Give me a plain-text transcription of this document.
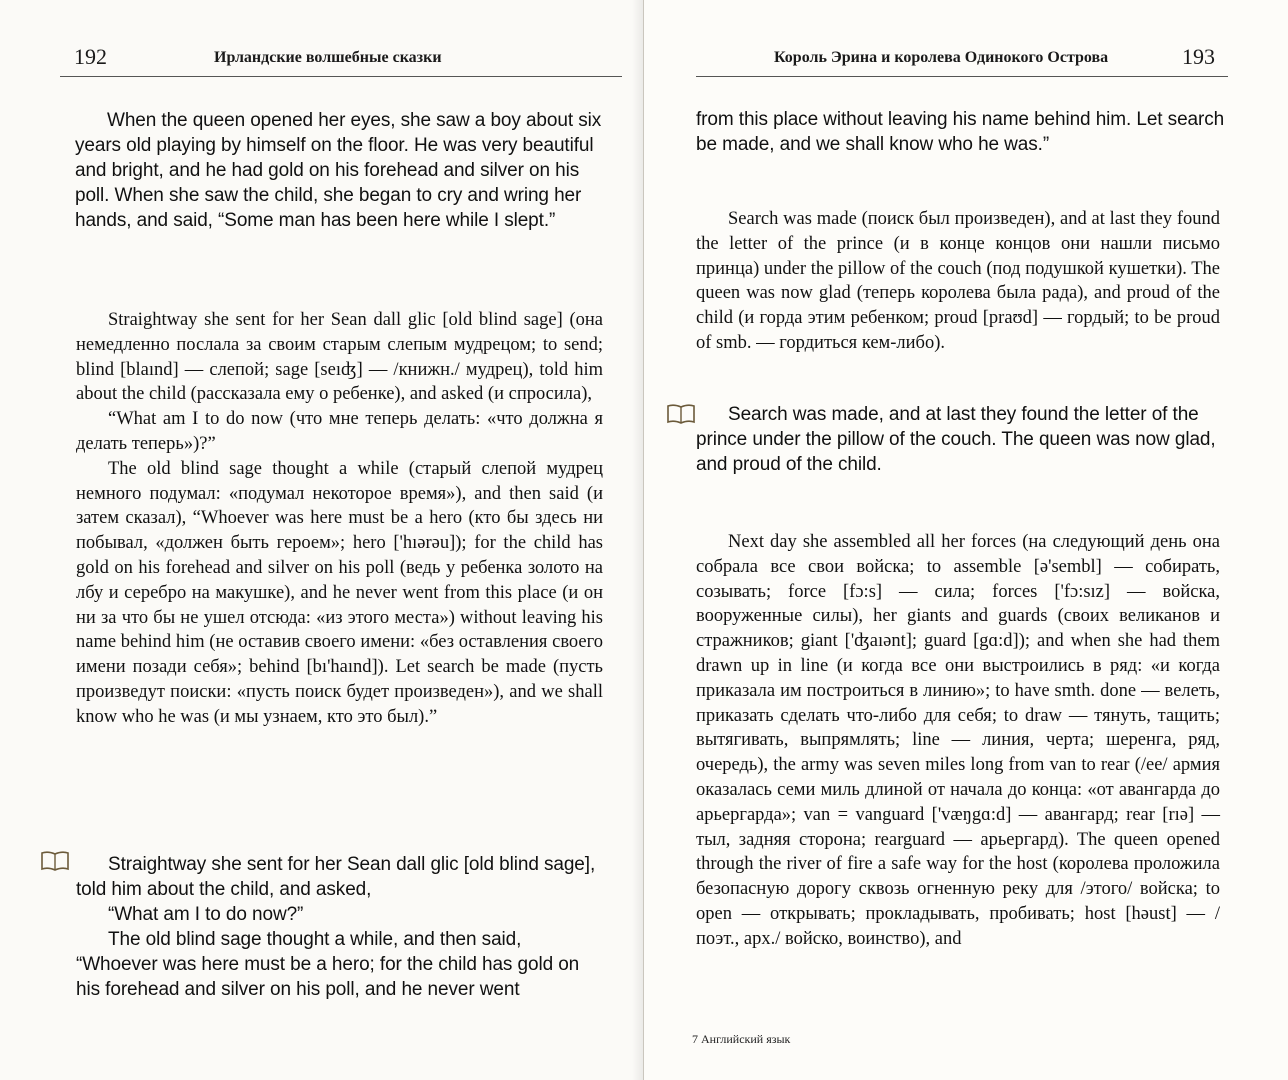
192	Ирландские волшебные сказки

When the queen opened her eyes, she saw a boy about six years old playing by himself on the floor. He was very beautiful and bright, and he had gold on his forehead and silver on his poll. When she saw the child, she began to cry and wring her hands, and said, “Some man has been here while I slept.”

Straightway she sent for her Sean dall glic [old blind sage] (она немедленно послала за своим старым слепым мудрецом; to send; blind [blaınd] — слепой; sage [seıʤ] — /книжн./ мудрец), told him about the child (рассказала ему о ребенке), and asked (и спросила),

“What am I to do now (что мне теперь делать: «что должна я делать теперь»)?”

The old blind sage thought a while (старый слепой мудрец немного подумал: «подумал некоторое время»), and then said (и затем сказал), “Whoever was here must be a hero (кто бы здесь ни побывал, «должен быть героем»; hero ['hıərəu]); for the child has gold on his forehead and silver on his poll (ведь у ребенка золото на лбу и серебро на макушке), and he never went from this place (и он ни за что бы не ушел отсюда: «из этого места») without leaving his name behind him (не оставив своего имени: «без оставления своего имени позади себя»; behind [bı'haınd]). Let search be made (пусть произведут поиски: «пусть поиск будет произведен»), and we shall know who he was (и мы узнаем, кто это был).”

Straightway she sent for her Sean dall glic [old blind sage], told him about the child, and asked,

“What am I to do now?”

The old blind sage thought a while, and then said, “Whoever was here must be a hero; for the child has gold on his forehead and silver on his poll, and he never went

Король Эрина и королева Одинокого Острова	193

from this place without leaving his name behind him. Let search be made, and we shall know who he was.”

Search was made (поиск был произведен), and at last they found the letter of the prince (и в конце концов они нашли письмо принца) under the pillow of the couch (под подушкой кушетки). The queen was now glad (теперь королева была рада), and proud of the child (и горда этим ребенком; proud [praʊd] — гордый; to be proud of smb. — гордиться кем-либо).

Search was made, and at last they found the letter of the prince under the pillow of the couch. The queen was now glad, and proud of the child.

Next day she assembled all her forces (на следующий день она собрала все свои войска; to assemble [ə'sembl] — собирать, созывать; force [fɔ:s] — сила; forces ['fɔ:sız] — войска, вооруженные силы), her giants and guards (своих великанов и стражников; giant ['ʤaıənt]; guard [gɑ:d]); and when she had them drawn up in line (и когда все они выстроились в ряд: «и когда приказала им построиться в линию»; to have smth. done — велеть, приказать сделать что-либо для себя; to draw — тянуть, тащить; вытягивать, выпрямлять; line — линия, черта; шеренга, ряд, очередь), the army was seven miles long from van to rear (/ее/ армия оказалась семи миль длиной от начала до конца: «от авангарда до арьергарда»; van = vanguard ['væŋgɑ:d] — авангард; rear [rıə] — тыл, задняя сторона; rearguard — арьергард). The queen opened through the river of fire a safe way for the host (королева проложила безопасную дорогу сквозь огненную реку для /этого/ войска; to open — открывать; прокладывать, пробивать; host [həust] — /поэт., арх./ войско, воинство), and

7 Английский язык
